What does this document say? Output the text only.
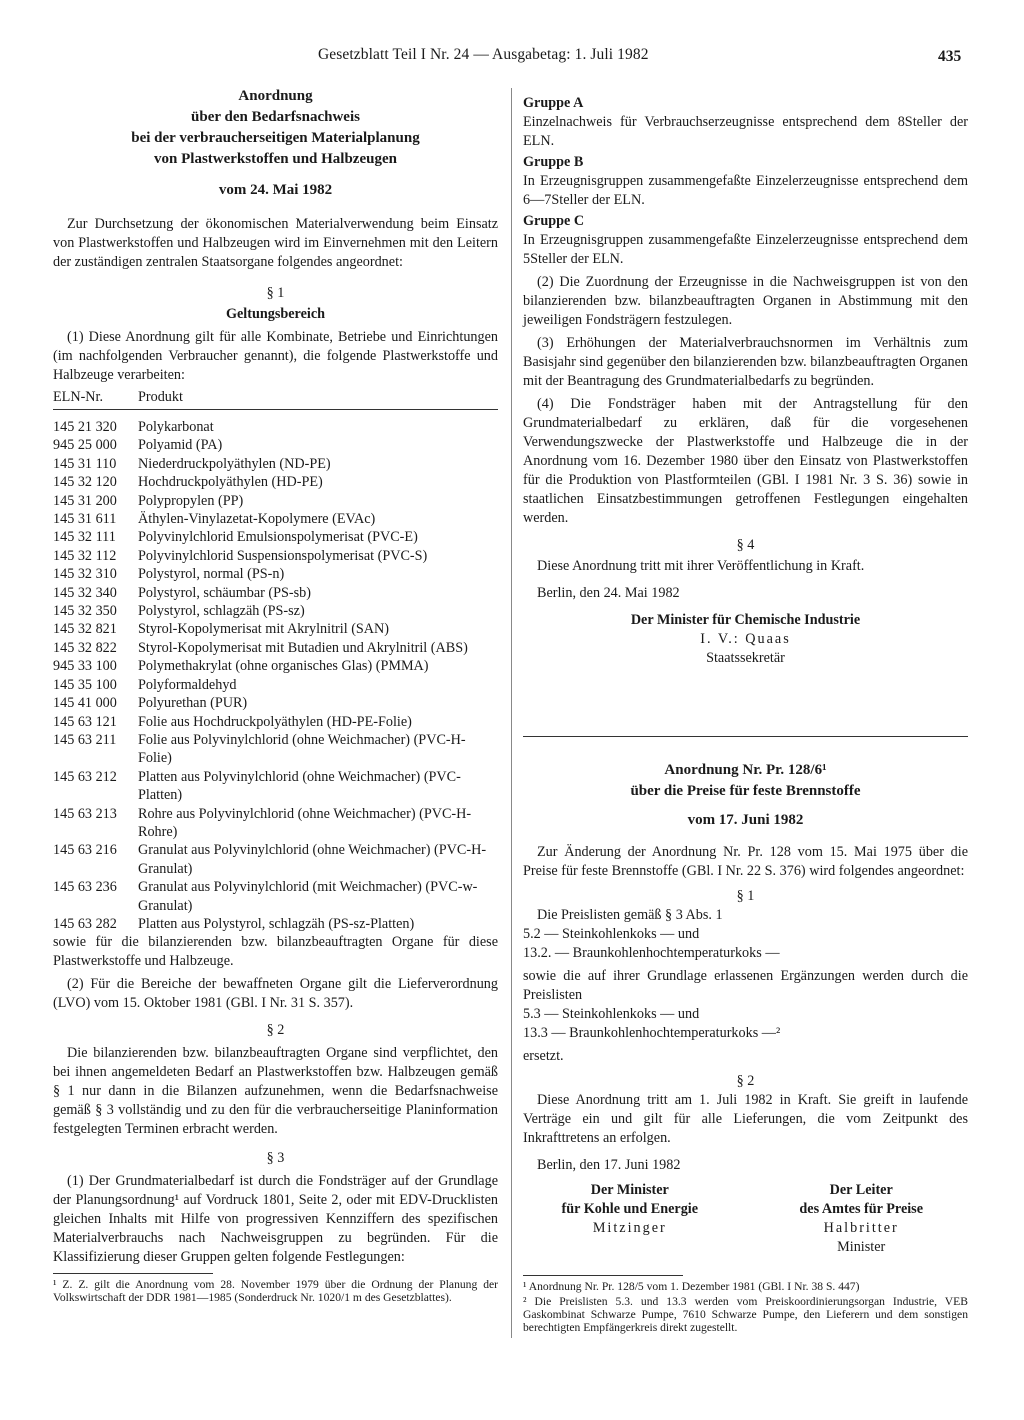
Gesetzblatt Teil I Nr. 24 — Ausgabetag: 1. Juli 1982	435
Anordnung
über den Bedarfsnachweis
bei der verbraucherseitigen Materialplanung
von Plastwerkstoffen und Halbzeugen
vom 24. Mai 1982

Zur Durchsetzung der ökonomischen Materialverwendung beim Einsatz von Plastwerkstoffen und Halbzeugen wird im Einvernehmen mit den Leitern der zuständigen zentralen Staatsorgane folgendes angeordnet:

§ 1

Geltungsbereich

(1) Diese Anordnung gilt für alle Kombinate, Betriebe und Einrichtungen (im nachfolgenden Verbraucher genannt), die folgende Plastwerkstoffe und Halbzeuge verarbeiten:

ELN-Nr.	Produkt

145 21 320	Polykarbonat
945 25 000	Polyamid (PA)
145 31 110	Niederdruckpolyäthylen (ND-PE)
145 32 120	Hochdruckpolyäthylen (HD-PE)
145 31 200	Polypropylen (PP)
145 31 611	Äthylen-Vinylazetat-Kopolymere (EVAc)
145 32 111	Polyvinylchlorid Emulsionspolymerisat (PVC-E)
145 32 112	Polyvinylchlorid Suspensionspolymerisat (PVC-S)
145 32 310	Polystyrol, normal (PS-n)
145 32 340	Polystyrol, schäumbar (PS-sb)
145 32 350	Polystyrol, schlagzäh (PS-sz)
145 32 821	Styrol-Kopolymerisat mit Akrylnitril (SAN)
145 32 822	Styrol-Kopolymerisat mit Butadien und Akrylnitril (ABS)
945 33 100	Polymethakrylat (ohne organisches Glas) (PMMA)
145 35 100	Polyformaldehyd
145 41 000	Polyurethan (PUR)
145 63 121	Folie aus Hochdruckpolyäthylen (HD-PE-Folie)
145 63 211	Folie aus Polyvinylchlorid (ohne Weichmacher) (PVC-H-Folie)
145 63 212	Platten aus Polyvinylchlorid (ohne Weichmacher) (PVC-Platten)
145 63 213	Rohre aus Polyvinylchlorid (ohne Weichmacher) (PVC-H-Rohre)
145 63 216	Granulat aus Polyvinylchlorid (ohne Weichmacher) (PVC-H-Granulat)
145 63 236	Granulat aus Polyvinylchlorid (mit Weichmacher) (PVC-w-Granulat)
145 63 282	Platten aus Polystyrol, schlagzäh (PS-sz-Platten)

sowie für die bilanzierenden bzw. bilanzbeauftragten Organe für diese Plastwerkstoffe und Halbzeuge.

(2) Für die Bereiche der bewaffneten Organe gilt die Lieferverordnung (LVO) vom 15. Oktober 1981 (GBl. I Nr. 31 S. 357).

§ 2

Die bilanzierenden bzw. bilanzbeauftragten Organe sind verpflichtet, den bei ihnen angemeldeten Bedarf an Plastwerkstoffen bzw. Halbzeugen gemäß § 1 nur dann in die Bilanzen aufzunehmen, wenn die Bedarfsnachweise gemäß § 3 vollständig und zu den für die verbraucherseitige Planinformation festgelegten Terminen erbracht werden.

§ 3

(1) Der Grundmaterialbedarf ist durch die Fondsträger auf der Grundlage der Planungsordnung¹ auf Vordruck 1801, Seite 2, oder mit EDV-Drucklisten gleichen Inhalts mit Hilfe von progressiven Kennziffern des spezifischen Materialverbrauchs nach Nachweisgruppen zu begründen. Für die Klassifizierung dieser Gruppen gelten folgende Festlegungen:

¹ Z. Z. gilt die Anordnung vom 28. November 1979 über die Ordnung der Planung der Volkswirtschaft der DDR 1981—1985 (Sonderdruck Nr. 1020/1 m des Gesetzblattes).

Gruppe A

Einzelnachweis für Verbrauchserzeugnisse entsprechend dem 8Steller der ELN.

Gruppe B

In Erzeugnisgruppen zusammengefaßte Einzelerzeugnisse entsprechend dem 6—7Steller der ELN.

Gruppe C

In Erzeugnisgruppen zusammengefaßte Einzelerzeugnisse entsprechend dem 5Steller der ELN.

(2) Die Zuordnung der Erzeugnisse in die Nachweisgruppen ist von den bilanzierenden bzw. bilanzbeauftragten Organen in Abstimmung mit den jeweiligen Fondsträgern festzulegen.

(3) Erhöhungen der Materialverbrauchsnormen im Verhältnis zum Basisjahr sind gegenüber den bilanzierenden bzw. bilanzbeauftragten Organen mit der Beantragung des Grundmaterialbedarfs zu begründen.

(4) Die Fondsträger haben mit der Antragstellung für den Grundmaterialbedarf zu erklären, daß für die vorgesehenen Verwendungszwecke der Plastwerkstoffe und Halbzeuge die in der Anordnung vom 16. Dezember 1980 über den Einsatz von Plastwerkstoffen für die Produktion von Plastformteilen (GBl. I 1981 Nr. 3 S. 36) sowie in staatlichen Einsatzbestimmungen getroffenen Festlegungen eingehalten werden.

§ 4

Diese Anordnung tritt mit ihrer Veröffentlichung in Kraft.

Berlin, den 24. Mai 1982

Der Minister für Chemische Industrie

I. V.: Quaas

Staatssekretär

Anordnung Nr. Pr. 128/6¹
über die Preise für feste Brennstoffe
vom 17. Juni 1982

Zur Änderung der Anordnung Nr. Pr. 128 vom 15. Mai 1975 über die Preise für feste Brennstoffe (GBl. I Nr. 22 S. 376) wird folgendes angeordnet:

§ 1

Die Preislisten gemäß § 3 Abs. 1

5.2 — Steinkohlenkoks — und

13.2. — Braunkohlenhochtemperaturkoks —

sowie die auf ihrer Grundlage erlassenen Ergänzungen werden durch die Preislisten

5.3 — Steinkohlenkoks — und

13.3 — Braunkohlenhochtemperaturkoks —²

ersetzt.

§ 2

Diese Anordnung tritt am 1. Juli 1982 in Kraft. Sie greift in laufende Verträge ein und gilt für alle Lieferungen, die vom Zeitpunkt des Inkrafttretens an erfolgen.

Berlin, den 17. Juni 1982

Der Minister
für Kohle und Energie
Mitzinger
Der Leiter
des Amtes für Preise
Halbritter
Minister

¹ Anordnung Nr. Pr. 128/5 vom 1. Dezember 1981 (GBl. I Nr. 38 S. 447)

² Die Preislisten 5.3. und 13.3 werden vom Preiskoordinierungsorgan Industrie, VEB Gaskombinat Schwarze Pumpe, 7610 Schwarze Pumpe, den Lieferern und dem sonstigen berechtigten Empfängerkreis direkt zugestellt.
